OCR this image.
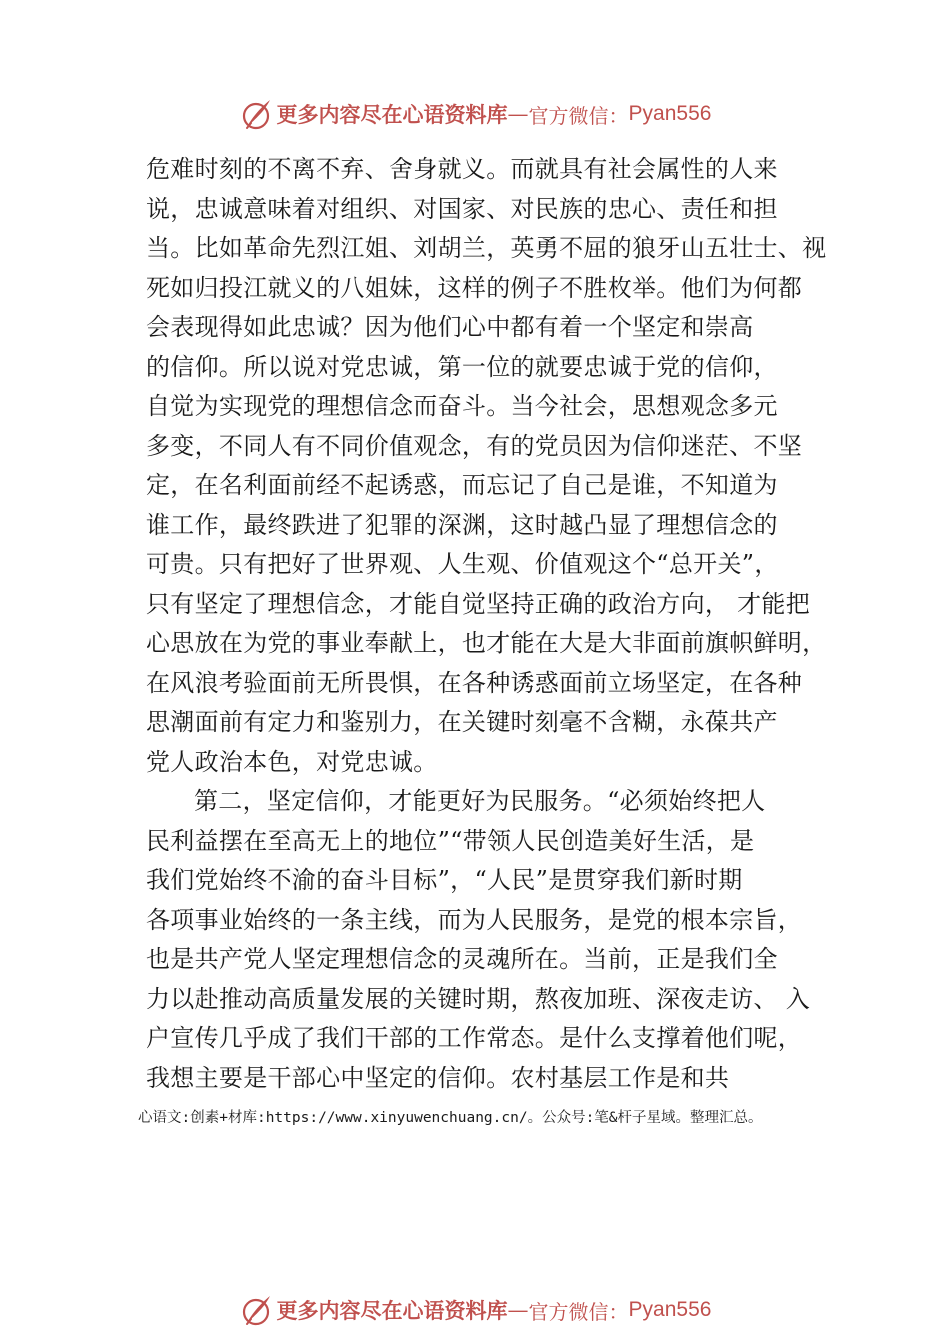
更多内容尽在心语资料库 — 官方微信： Pyan556
危难时刻的不离不弃、舍身就义。而就具有社会属性的人来
说，忠诚意味着对组织、对国家、对民族的忠心、责任和担
当。比如革命先烈江姐、刘胡兰，英勇不屈的狼牙山五壮士、视
死如归投江就义的八姐妹，这样的例子不胜枚举。他们为何都
会表现得如此忠诚？因为他们心中都有着一个坚定和崇高
的信仰。所以说对党忠诚，第一位的就要忠诚于党的信仰，
自觉为实现党的理想信念而奋斗。当今社会，思想观念多元
多变，不同人有不同价值观念，有的党员因为信仰迷茫、不坚
定，在名利面前经不起诱惑，而忘记了自己是谁，不知道为
谁工作，最终跌进了犯罪的深渊，这时越凸显了理想信念的
可贵。只有把好了世界观、人生观、价值观这个“总开关”，
只有坚定了理想信念，才能自觉坚持正确的政治方向， 才能把
心思放在为党的事业奉献上，也才能在大是大非面前旗帜鲜明，
在风浪考验面前无所畏惧，在各种诱惑面前立场坚定，在各种
思潮面前有定力和鉴别力，在关键时刻毫不含糊，永葆共产
党人政治本色，对党忠诚。
第二，坚定信仰，才能更好为民服务。“必须始终把人
民利益摆在至高无上的地位”“带领人民创造美好生活，是
我们党始终不渝的奋斗目标”，“人民”是贯穿我们新时期
各项事业始终的一条主线，而为人民服务，是党的根本宗旨，
也是共产党人坚定理想信念的灵魂所在。当前，正是我们全
力以赴推动高质量发展的关键时期，熬夜加班、深夜走访、 入
户宣传几乎成了我们干部的工作常态。是什么支撑着他们呢，
我想主要是干部心中坚定的信仰。农村基层工作是和共
心语文:创素+材库:https://www.xinyuwenchuang.cn/。公众号:笔&杆子星域。整理汇总。
更多内容尽在心语资料库 — 官方微信： Pyan556
